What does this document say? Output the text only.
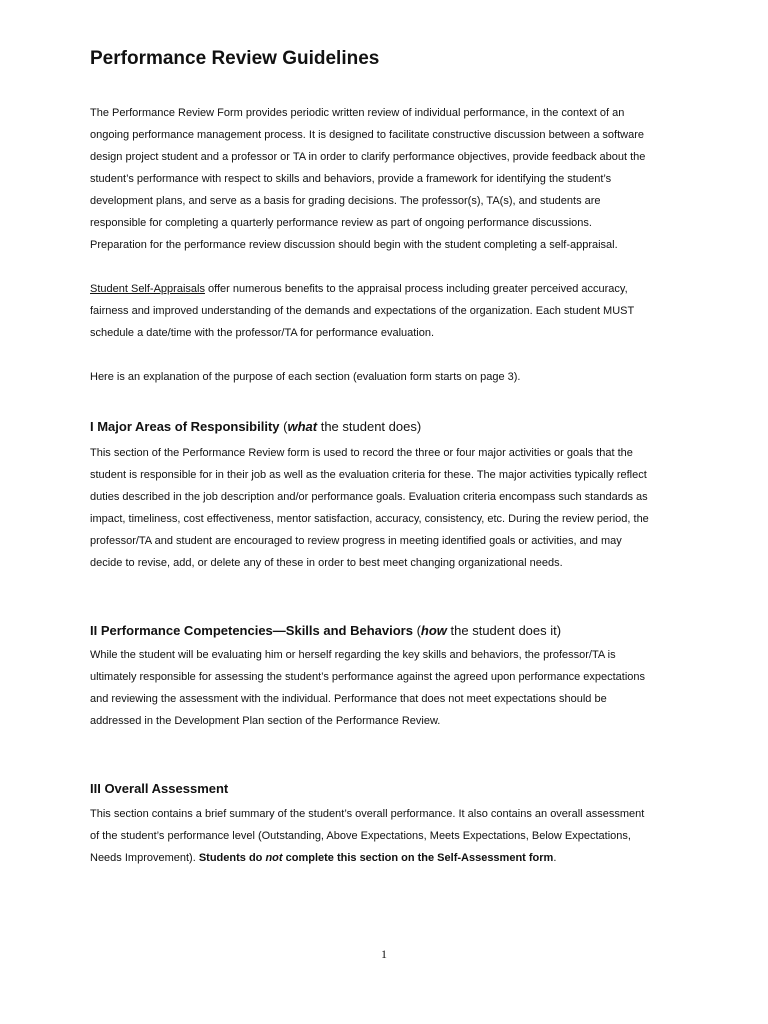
Performance Review Guidelines

The Performance Review Form provides periodic written review of individual performance, in the context of an

ongoing performance management process. It is designed to facilitate constructive discussion between a software

design project student and a professor or TA in order to clarify performance objectives, provide feedback about the

student’s performance with respect to skills and behaviors, provide a framework for identifying the student’s

development plans, and serve as a basis for grading decisions. The professor(s), TA(s), and students are

responsible for completing a quarterly performance review as part of ongoing performance discussions.

Preparation for the performance review discussion should begin with the student completing a self-appraisal.

Student Self-Appraisals offer numerous benefits to the appraisal process including greater perceived accuracy,

fairness and improved understanding of the demands and expectations of the organization. Each student MUST

schedule a date/time with the professor/TA for performance evaluation.

Here is an explanation of the purpose of each section (evaluation form starts on page 3).

I Major Areas of Responsibility (what the student does)

This section of the Performance Review form is used to record the three or four major activities or goals that the

student is responsible for in their job as well as the evaluation criteria for these. The major activities typically reflect

duties described in the job description and/or performance goals. Evaluation criteria encompass such standards as

impact, timeliness, cost effectiveness, mentor satisfaction, accuracy, consistency, etc. During the review period, the

professor/TA and student are encouraged to review progress in meeting identified goals or activities, and may

decide to revise, add, or delete any of these in order to best meet changing organizational needs.

II Performance Competencies—Skills and Behaviors (how the student does it)

While the student will be evaluating him or herself regarding the key skills and behaviors, the professor/TA is

ultimately responsible for assessing the student’s performance against the agreed upon performance expectations

and reviewing the assessment with the individual. Performance that does not meet expectations should be

addressed in the Development Plan section of the Performance Review.

III Overall Assessment

This section contains a brief summary of the student’s overall performance. It also contains an overall assessment

of the student’s performance level (Outstanding, Above Expectations, Meets Expectations, Below Expectations,

Needs Improvement). Students do not complete this section on the Self-Assessment form.

1
